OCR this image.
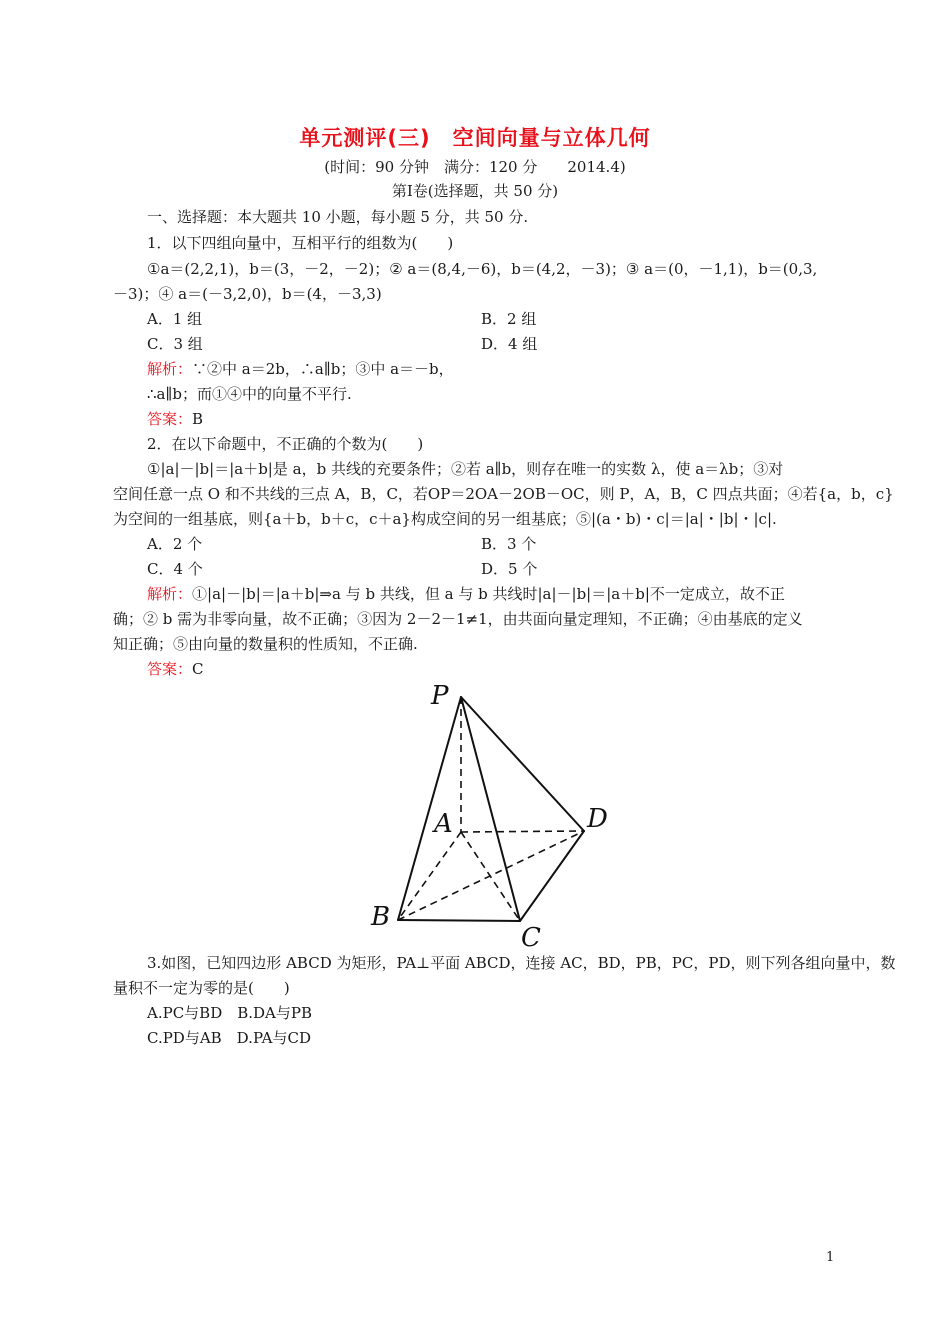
单元测评(三)　空间向量与立体几何
(时间：90 分钟　满分：120 分　　2014.4)
第Ⅰ卷(选择题，共 50 分)
一、选择题：本大题共 10 小题，每小题 5 分，共 50 分.
1．以下四组向量中，互相平行的组数为(　　)
①a＝(2,2,1)，b＝(3，－2，－2)；② a＝(8,4,－6)，b＝(4,2，－3)；③ a＝(0，－1,1)，b＝(0,3,
－3)；④ a＝(－3,2,0)，b＝(4，－3,3)
A．1 组	B．2 组
C．3 组	D．4 组
解析：∵②中 a＝2b，∴a∥b；③中 a＝－b，
∴a∥b；而①④中的向量不平行.
答案：B
2．在以下命题中，不正确的个数为(　　)
①|a|－|b|＝|a＋b|是 a，b 共线的充要条件；②若 a∥b，则存在唯一的实数 λ，使 a＝λb；③对
空间任意一点 O 和不共线的三点 A，B，C，若OP＝2OA－2OB－OC，则 P，A，B，C 四点共面；④若{a，b，c}
为空间的一组基底，则{a＋b，b＋c，c＋a}构成空间的另一组基底；⑤|(a・b)・c|＝|a|・|b|・|c|.
A．2 个	B．3 个
C．4 个	D．5 个
解析：①|a|－|b|＝|a＋b|⇒a 与 b 共线，但 a 与 b 共线时|a|－|b|＝|a＋b|不一定成立，故不正
确；② b 需为非零向量，故不正确；③因为 2－2－1≠1，由共面向量定理知，不正确；④由基底的定义
知正确；⑤由向量的数量积的性质知，不正确.
答案：C
P
A	D
B
C
3.如图，已知四边形 ABCD 为矩形，PA⊥平面 ABCD，连接 AC，BD，PB，PC，PD，则下列各组向量中，数
量积不一定为零的是(　　)
A.PC与BD　B.DA与PB
C.PD与AB　D.PA与CD
1
